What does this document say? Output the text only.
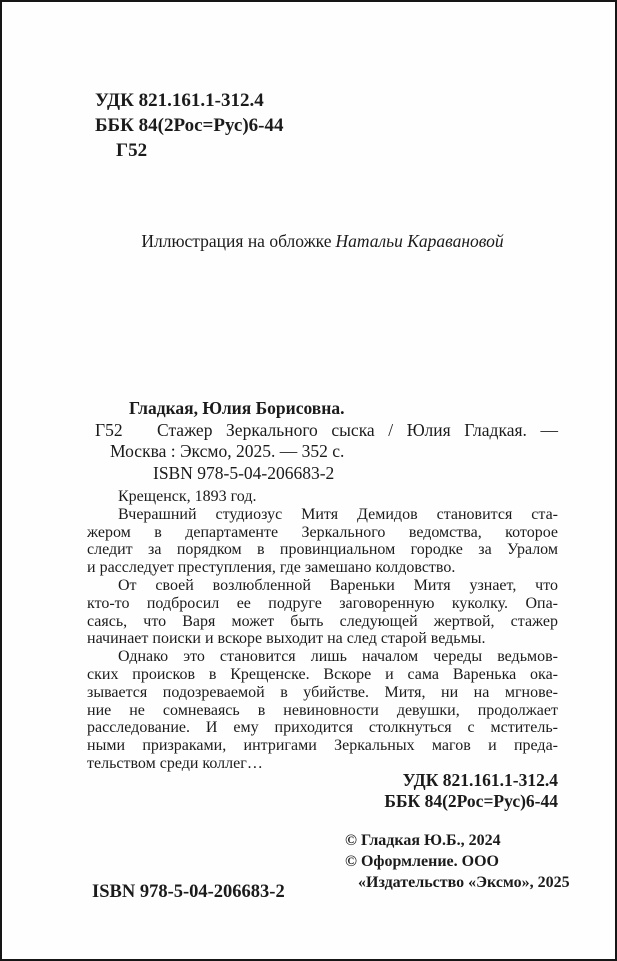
УДК 821.161.1-312.4
ББК 84(2Рос=Рус)6-44
Г52
Иллюстрация на обложке Натальи Каравановой
Гладкая, Юлия Борисовна.
Г52 Стажер Зеркального сыска / Юлия Гладкая. —
Москва : Эксмо, 2025. — 352 с.
ISBN 978-5-04-206683-2
Крещенск, 1893 год.
Вчерашний студиозус Митя Демидов становится ста-
жером в департаменте Зеркального ведомства, которое
следит за порядком в провинциальном городке за Уралом
и расследует преступления, где замешано колдовство.
От своей возлюбленной Вареньки Митя узнает, что
кто-то подбросил ее подруге заговоренную куколку. Опа-
саясь, что Варя может быть следующей жертвой, стажер
начинает поиски и вскоре выходит на след старой ведьмы.
Однако это становится лишь началом череды ведьмов-
ских происков в Крещенске. Вскоре и сама Варенька ока-
зывается подозреваемой в убийстве. Митя, ни на мгнове-
ние не сомневаясь в невиновности девушки, продолжает
расследование. И ему приходится столкнуться с мститель-
ными призраками, интригами Зеркальных магов и преда-
тельством среди коллег…
УДК 821.161.1-312.4
ББК 84(2Рос=Рус)6-44
© Гладкая Ю.Б., 2024
© Оформление. ООО
«Издательство «Эксмо», 2025
ISBN 978-5-04-206683-2
